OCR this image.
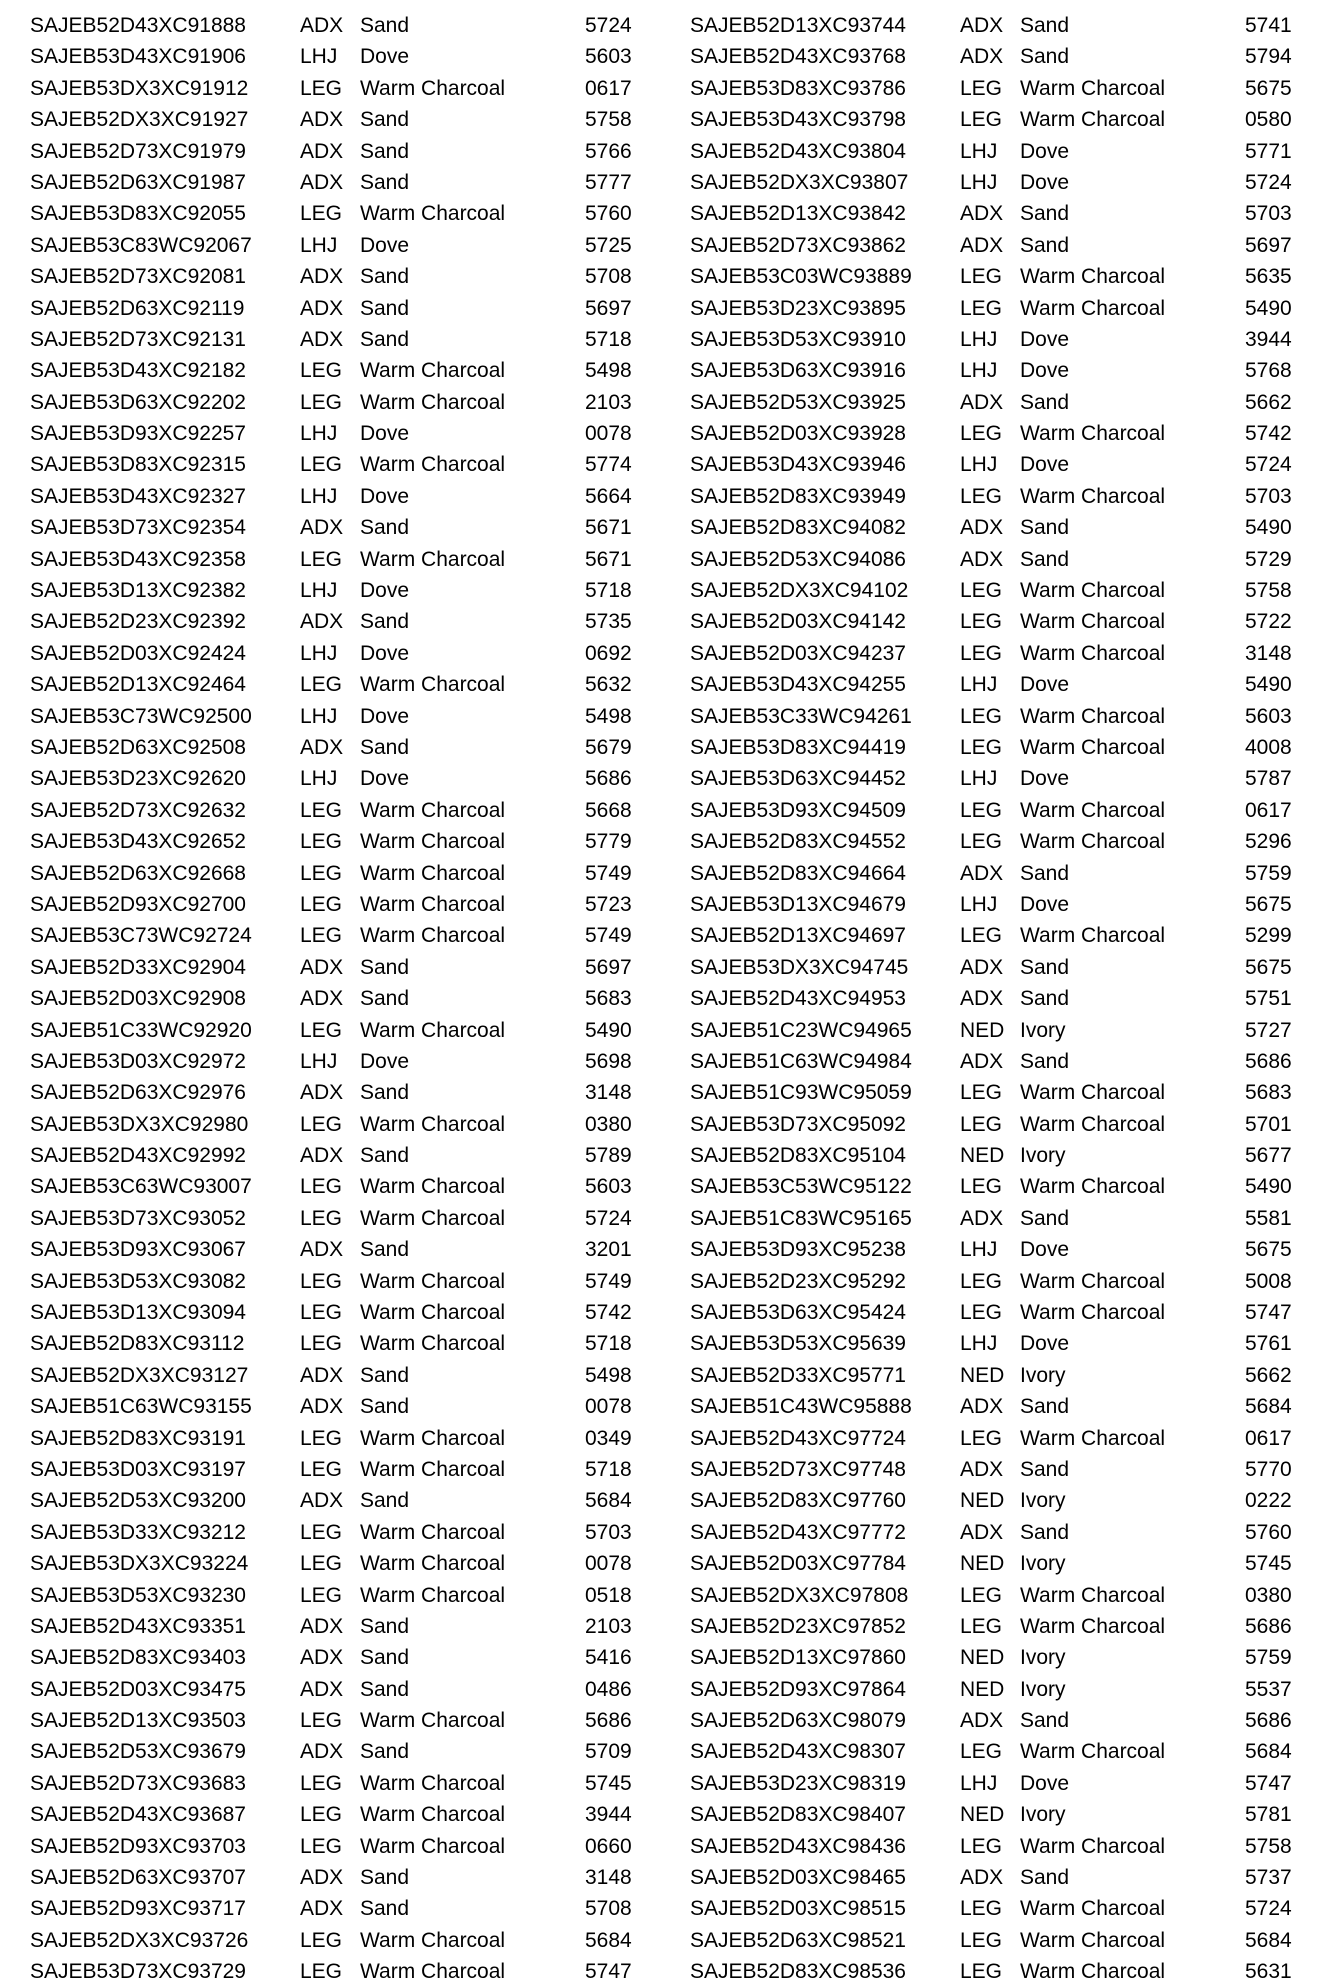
SAJEB52D43XC91888	ADX Sand	5724
SAJEB53D43XC91906	LHJ Dove	5603
SAJEB53DX3XC91912 LEG Warm Charcoal	0617
SAJEB52DX3XC91927 ADX Sand	5758
SAJEB52D73XC91979	ADX Sand	5766
SAJEB52D63XC91987	ADX Sand	5777
SAJEB53D83XC92055	LEG Warm Charcoal	5760
SAJEB53C83WC92067 LHJ Dove	5725
SAJEB52D73XC92081	ADX Sand	5708
SAJEB52D63XC92119	ADX Sand	5697
SAJEB52D73XC92131	ADX Sand	5718
SAJEB53D43XC92182	LEG Warm Charcoal	5498
SAJEB53D63XC92202	LEG Warm Charcoal	2103
SAJEB53D93XC92257	LHJ Dove	0078
SAJEB53D83XC92315	LEG Warm Charcoal	5774
SAJEB53D43XC92327	LHJ Dove	5664
SAJEB53D73XC92354	ADX Sand	5671
SAJEB53D43XC92358	LEG Warm Charcoal	5671
SAJEB53D13XC92382	LHJ Dove	5718
SAJEB52D23XC92392	ADX Sand	5735
SAJEB52D03XC92424	LHJ Dove	0692
SAJEB52D13XC92464	LEG Warm Charcoal	5632
SAJEB53C73WC92500 LHJ Dove	5498
SAJEB52D63XC92508	ADX Sand	5679
SAJEB53D23XC92620	LHJ Dove	5686
SAJEB52D73XC92632	LEG Warm Charcoal	5668
SAJEB53D43XC92652	LEG Warm Charcoal	5779
SAJEB52D63XC92668	LEG Warm Charcoal	5749
SAJEB52D93XC92700	LEG Warm Charcoal	5723
SAJEB53C73WC92724 LEG Warm Charcoal	5749
SAJEB52D33XC92904	ADX Sand	5697
SAJEB52D03XC92908	ADX Sand	5683
SAJEB51C33WC92920 LEG Warm Charcoal	5490
SAJEB53D03XC92972	LHJ Dove	5698
SAJEB52D63XC92976	ADX Sand	3148
SAJEB53DX3XC92980 LEG Warm Charcoal	0380
SAJEB52D43XC92992	ADX Sand	5789
SAJEB53C63WC93007 LEG Warm Charcoal	5603
SAJEB53D73XC93052	LEG Warm Charcoal	5724
SAJEB53D93XC93067	ADX Sand	3201
SAJEB53D53XC93082	LEG Warm Charcoal	5749
SAJEB53D13XC93094	LEG Warm Charcoal	5742
SAJEB52D83XC93112	LEG Warm Charcoal	5718
SAJEB52DX3XC93127 ADX Sand	5498
SAJEB51C63WC93155 ADX Sand	0078
SAJEB52D83XC93191	LEG Warm Charcoal	0349
SAJEB53D03XC93197	LEG Warm Charcoal	5718
SAJEB52D53XC93200	ADX Sand	5684
SAJEB53D33XC93212	LEG Warm Charcoal	5703
SAJEB53DX3XC93224 LEG Warm Charcoal	0078
SAJEB53D53XC93230	LEG Warm Charcoal	0518
SAJEB52D43XC93351	ADX Sand	2103
SAJEB52D83XC93403	ADX Sand	5416
SAJEB52D03XC93475	ADX Sand	0486
SAJEB52D13XC93503	LEG Warm Charcoal	5686
SAJEB52D53XC93679	ADX Sand	5709
SAJEB52D73XC93683	LEG Warm Charcoal	5745
SAJEB52D43XC93687	LEG Warm Charcoal	3944
SAJEB52D93XC93703	LEG Warm Charcoal	0660
SAJEB52D63XC93707	ADX Sand	3148
SAJEB52D93XC93717	ADX Sand	5708
SAJEB52DX3XC93726 LEG Warm Charcoal	5684
SAJEB53D73XC93729	LEG Warm Charcoal	5747
SAJEB52D13XC93744	ADX Sand	5741
SAJEB52D43XC93768	ADX Sand	5794
SAJEB53D83XC93786	LEG Warm Charcoal	5675
SAJEB53D43XC93798	LEG Warm Charcoal	0580
SAJEB52D43XC93804	LHJ Dove	5771
SAJEB52DX3XC93807 LHJ Dove	5724
SAJEB52D13XC93842	ADX Sand	5703
SAJEB52D73XC93862	ADX Sand	5697
SAJEB53C03WC93889 LEG Warm Charcoal	5635
SAJEB53D23XC93895	LEG Warm Charcoal	5490
SAJEB53D53XC93910	LHJ Dove	3944
SAJEB53D63XC93916	LHJ Dove	5768
SAJEB52D53XC93925	ADX Sand	5662
SAJEB52D03XC93928	LEG Warm Charcoal	5742
SAJEB53D43XC93946	LHJ Dove	5724
SAJEB52D83XC93949	LEG Warm Charcoal	5703
SAJEB52D83XC94082	ADX Sand	5490
SAJEB52D53XC94086	ADX Sand	5729
SAJEB52DX3XC94102 LEG Warm Charcoal	5758
SAJEB52D03XC94142	LEG Warm Charcoal	5722
SAJEB52D03XC94237	LEG Warm Charcoal	3148
SAJEB53D43XC94255	LHJ Dove	5490
SAJEB53C33WC94261 LEG Warm Charcoal	5603
SAJEB53D83XC94419	LEG Warm Charcoal	4008
SAJEB53D63XC94452	LHJ Dove	5787
SAJEB53D93XC94509	LEG Warm Charcoal	0617
SAJEB52D83XC94552	LEG Warm Charcoal	5296
SAJEB52D83XC94664	ADX Sand	5759
SAJEB53D13XC94679	LHJ Dove	5675
SAJEB52D13XC94697	LEG Warm Charcoal	5299
SAJEB53DX3XC94745 ADX Sand	5675
SAJEB52D43XC94953	ADX Sand	5751
SAJEB51C23WC94965 NED Ivory	5727
SAJEB51C63WC94984 ADX Sand	5686
SAJEB51C93WC95059 LEG Warm Charcoal	5683
SAJEB53D73XC95092	LEG Warm Charcoal	5701
SAJEB52D83XC95104	NED Ivory	5677
SAJEB53C53WC95122 LEG Warm Charcoal	5490
SAJEB51C83WC95165 ADX Sand	5581
SAJEB53D93XC95238	LHJ Dove	5675
SAJEB52D23XC95292	LEG Warm Charcoal	5008
SAJEB53D63XC95424	LEG Warm Charcoal	5747
SAJEB53D53XC95639	LHJ Dove	5761
SAJEB52D33XC95771	NED Ivory	5662
SAJEB51C43WC95888 ADX Sand	5684
SAJEB52D43XC97724	LEG Warm Charcoal	0617
SAJEB52D73XC97748	ADX Sand	5770
SAJEB52D83XC97760	NED Ivory	0222
SAJEB52D43XC97772	ADX Sand	5760
SAJEB52D03XC97784	NED Ivory	5745
SAJEB52DX3XC97808 LEG Warm Charcoal	0380
SAJEB52D23XC97852	LEG Warm Charcoal	5686
SAJEB52D13XC97860	NED Ivory	5759
SAJEB52D93XC97864	NED Ivory	5537
SAJEB52D63XC98079	ADX Sand	5686
SAJEB52D43XC98307	LEG Warm Charcoal	5684
SAJEB53D23XC98319	LHJ Dove	5747
SAJEB52D83XC98407	NED Ivory	5781
SAJEB52D43XC98436	LEG Warm Charcoal	5758
SAJEB52D03XC98465	ADX Sand	5737
SAJEB52D03XC98515	LEG Warm Charcoal	5724
SAJEB52D63XC98521	LEG Warm Charcoal	5684
SAJEB52D83XC98536	LEG Warm Charcoal	5631
